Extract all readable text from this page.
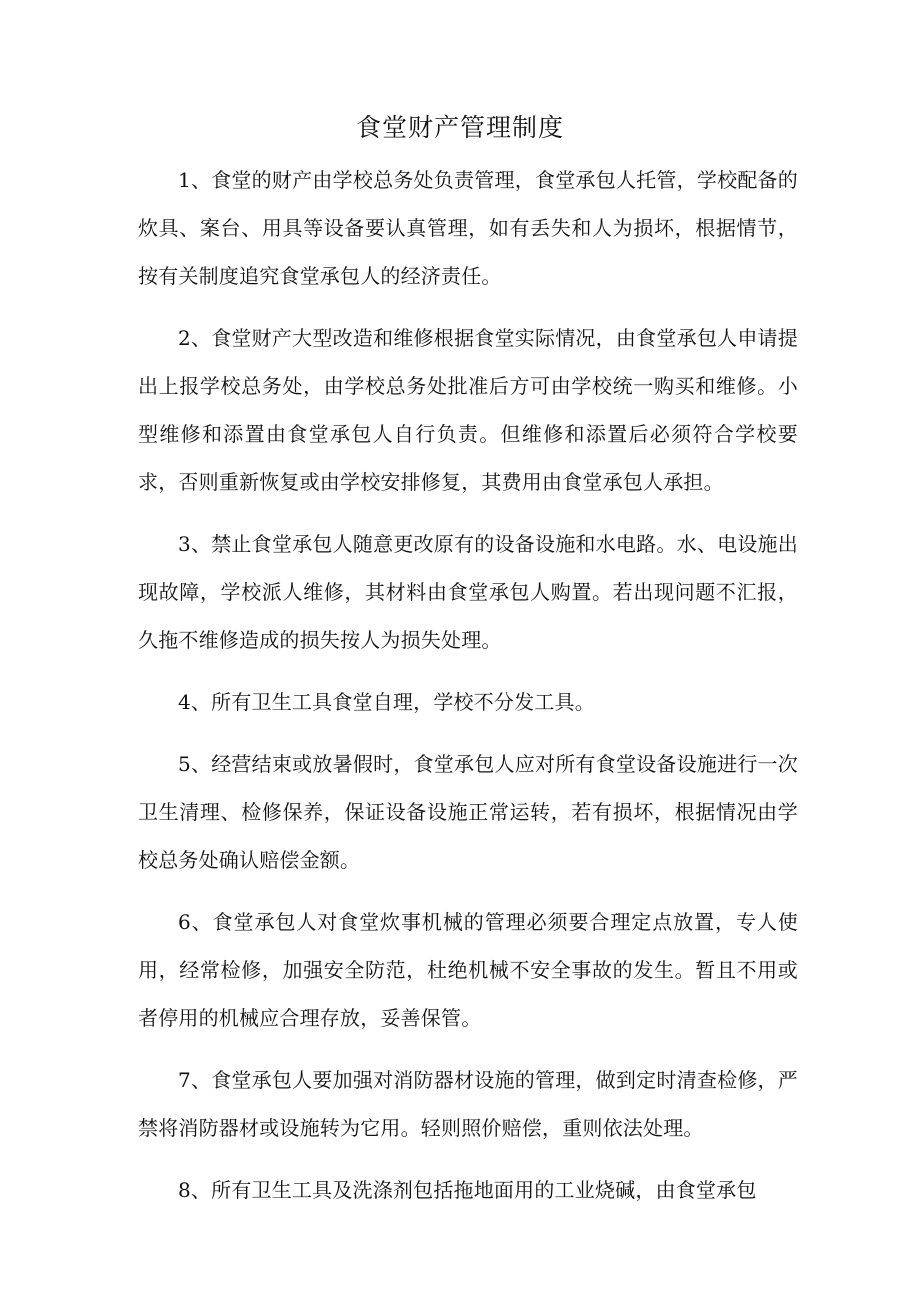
食堂财产管理制度

1、食堂的财产由学校总务处负责管理，食堂承包人托管，学校配备的炊具、案台、用具等设备要认真管理，如有丢失和人为损坏，根据情节，按有关制度追究食堂承包人的经济责任。

2、食堂财产大型改造和维修根据食堂实际情况，由食堂承包人申请提出上报学校总务处，由学校总务处批准后方可由学校统一购买和维修。小型维修和添置由食堂承包人自行负责。但维修和添置后必须符合学校要求，否则重新恢复或由学校安排修复，其费用由食堂承包人承担。

3、禁止食堂承包人随意更改原有的设备设施和水电路。水、电设施出现故障，学校派人维修，其材料由食堂承包人购置。若出现问题不汇报，久拖不维修造成的损失按人为损失处理。

4、所有卫生工具食堂自理，学校不分发工具。

5、经营结束或放暑假时，食堂承包人应对所有食堂设备设施进行一次卫生清理、检修保养，保证设备设施正常运转，若有损坏，根据情况由学校总务处确认赔偿金额。

6、食堂承包人对食堂炊事机械的管理必须要合理定点放置，专人使用，经常检修，加强安全防范，杜绝机械不安全事故的发生。暂且不用或者停用的机械应合理存放，妥善保管。

7、食堂承包人要加强对消防器材设施的管理，做到定时清查检修，严禁将消防器材或设施转为它用。轻则照价赔偿，重则依法处理。

8、所有卫生工具及洗涤剂包括拖地面用的工业烧碱，由食堂承包
